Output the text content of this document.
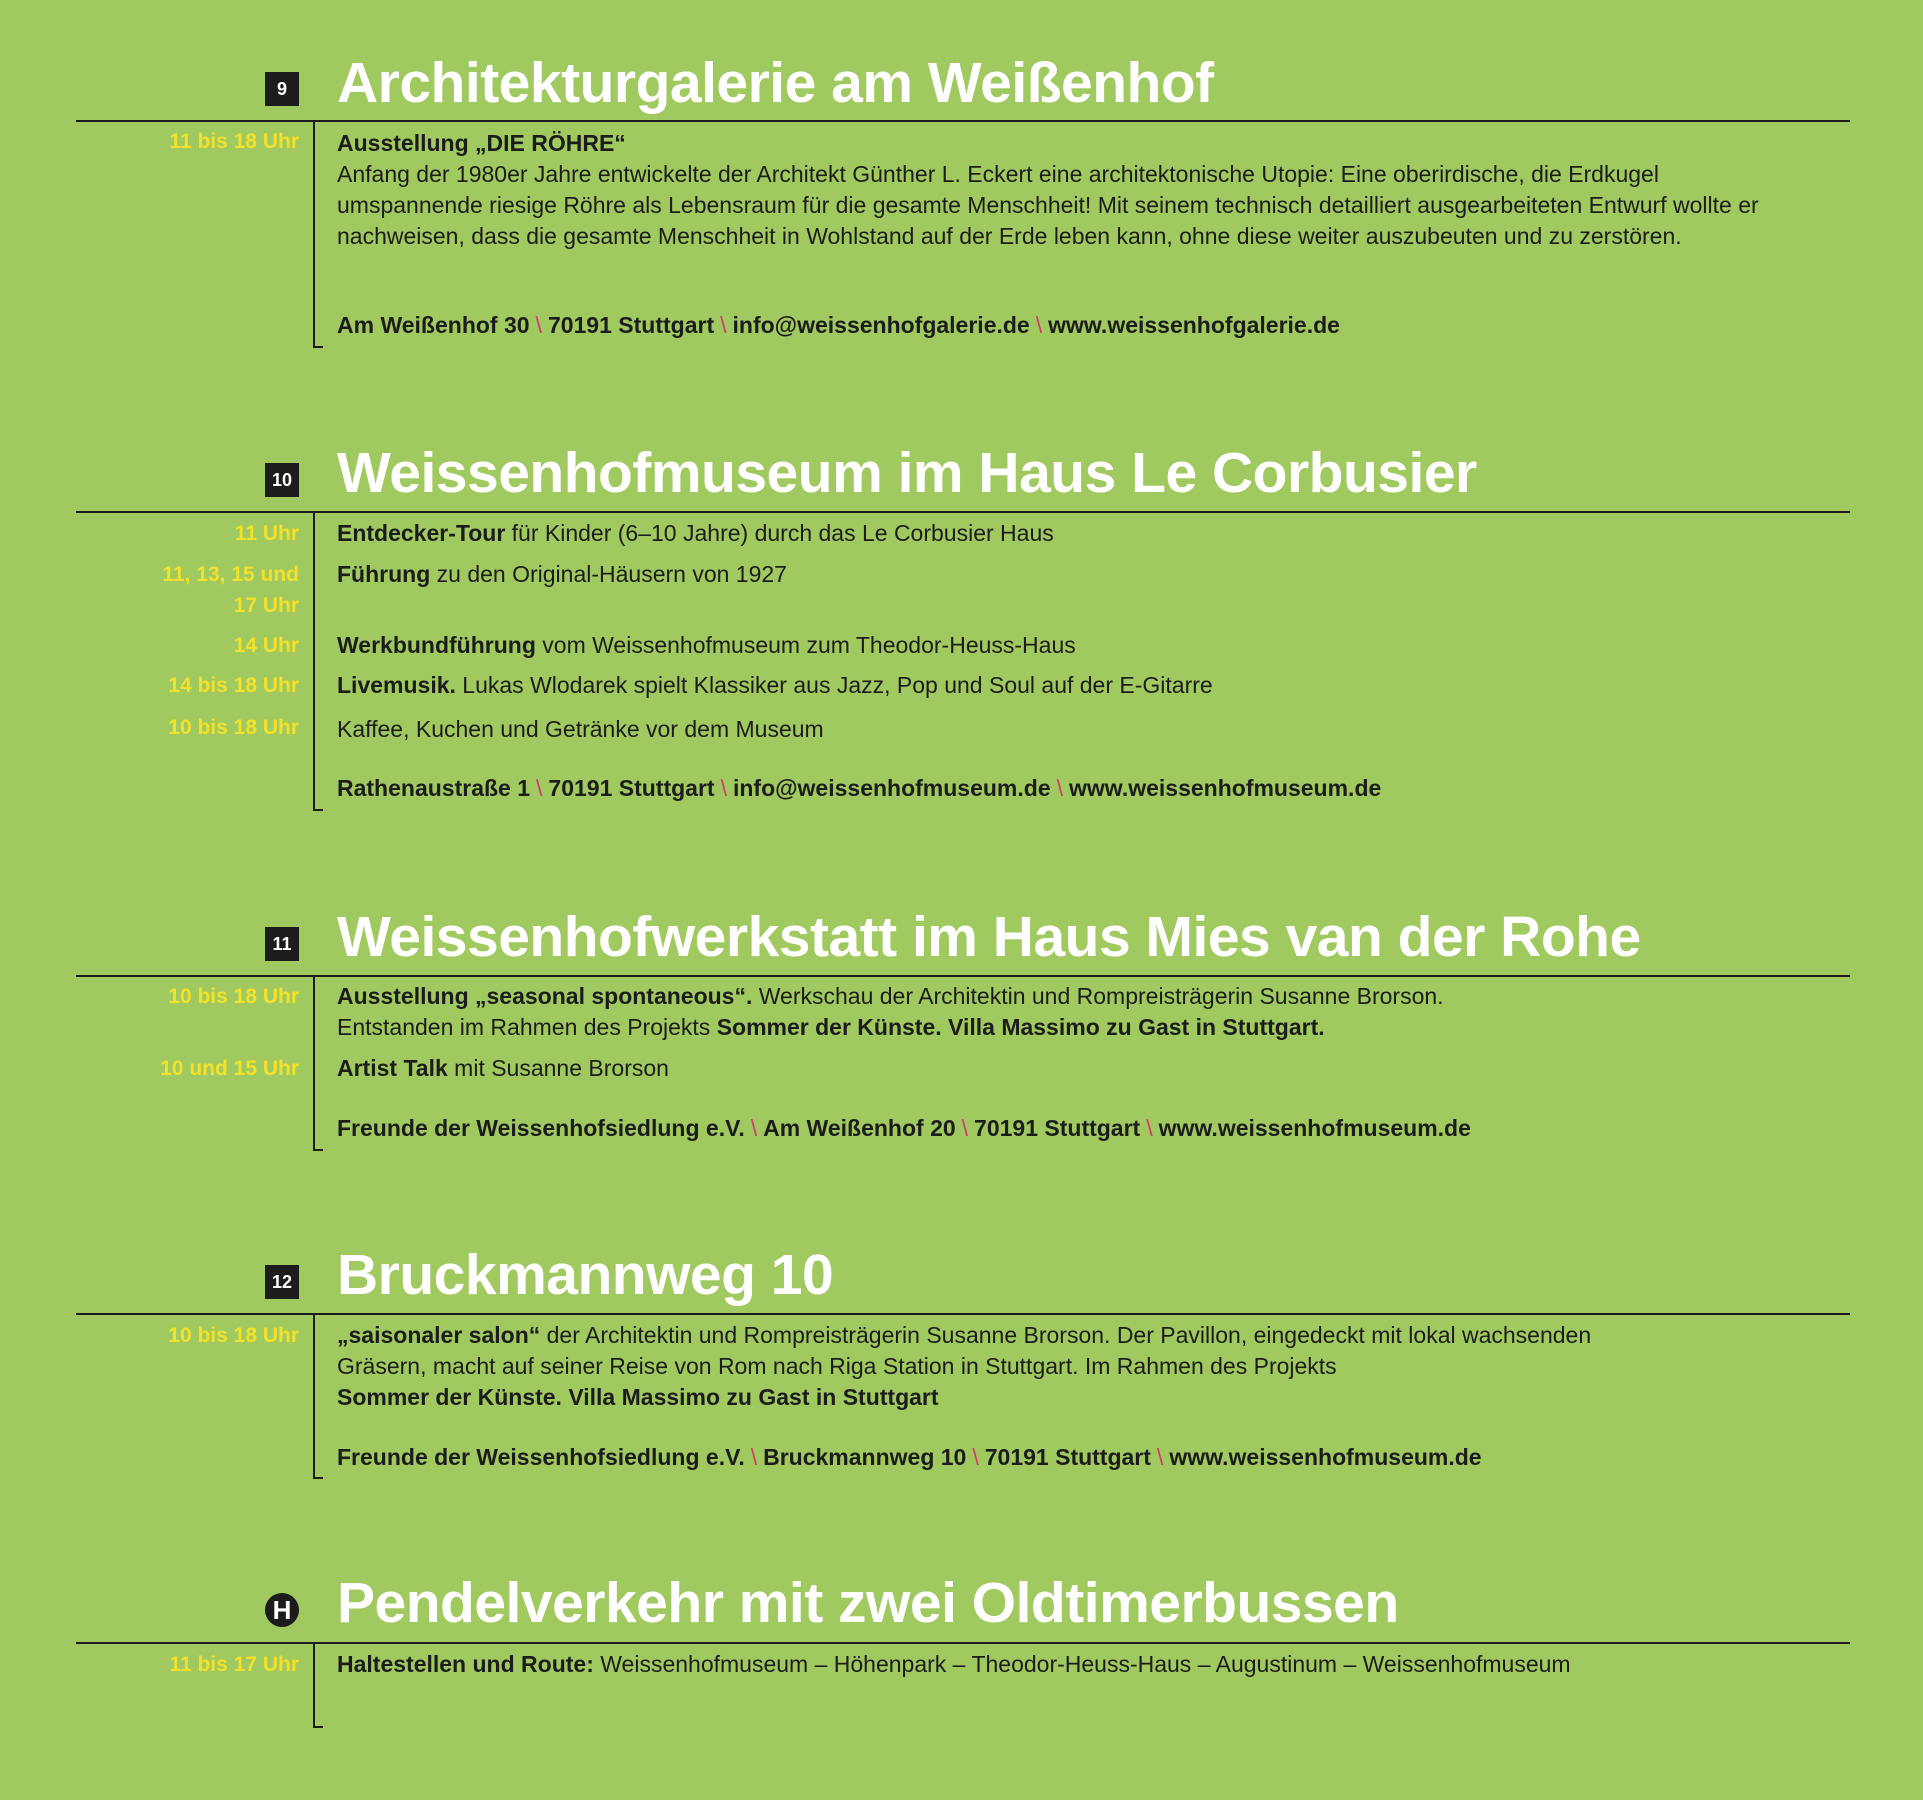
9 Architekturgalerie am Weißenhof
11 bis 18 Uhr Ausstellung „DIE RÖHRE“
Anfang der 1980er Jahre entwickelte der Architekt Günther L. Eckert eine architektonische Utopie: Eine oberirdische, die Erdkugel umspannende riesige Röhre als Lebensraum für die gesamte Menschheit! Mit seinem technisch detailliert ausgearbeiteten Entwurf wollte er nachweisen, dass die gesamte Menschheit in Wohlstand auf der Erde leben kann, ohne diese weiter auszubeuten und zu zerstören.
Am Weißenhof 30 \ 70191 Stuttgart \ info@weissenhofgalerie.de \ www.weissenhofgalerie.de
10 Weissenhofmuseum im Haus Le Corbusier
11 Uhr Entdecker-Tour für Kinder (6–10 Jahre) durch das Le Corbusier Haus
11, 13, 15 und 17 Uhr
Führung zu den Original-Häusern von 1927
14 Uhr Werkbundführung vom Weissenhofmuseum zum Theodor-Heuss-Haus
14 bis 18 Uhr Livemusik. Lukas Wlodarek spielt Klassiker aus Jazz, Pop und Soul auf der E-Gitarre
10 bis 18 Uhr Kaffee, Kuchen und Getränke vor dem Museum
Rathenaustraße 1 \ 70191 Stuttgart \ info@weissenhofmuseum.de \ www.weissenhofmuseum.de
11 Weissenhofwerkstatt im Haus Mies van der Rohe
10 bis 18 Uhr Ausstellung „seasonal spontaneous“. Werkschau der Architektin und Rompreisträgerin Susanne Brorson.
Entstanden im Rahmen des Projekts Sommer der Künste. Villa Massimo zu Gast in Stuttgart.
10 und 15 Uhr Artist Talk mit Susanne Brorson
Freunde der Weissenhofsiedlung e.V. \ Am Weißenhof 20 \ 70191 Stuttgart \ www.weissenhofmuseum.de
12 Bruckmannweg 10
10 bis 18 Uhr „saisonaler salon“ der Architektin und Rompreisträgerin Susanne Brorson. Der Pavillon, eingedeckt mit lokal wachsenden Gräsern, macht auf seiner Reise von Rom nach Riga Station in Stuttgart. Im Rahmen des Projekts
Sommer der Künste. Villa Massimo zu Gast in Stuttgart
Freunde der Weissenhofsiedlung e.V. \ Bruckmannweg 10 \ 70191 Stuttgart \ www.weissenhofmuseum.de
H Pendelverkehr mit zwei Oldtimerbussen
11 bis 17 Uhr Haltestellen und Route: Weissenhofmuseum – Höhenpark – Theodor-Heuss-Haus – Augustinum – Weissenhofmuseum
